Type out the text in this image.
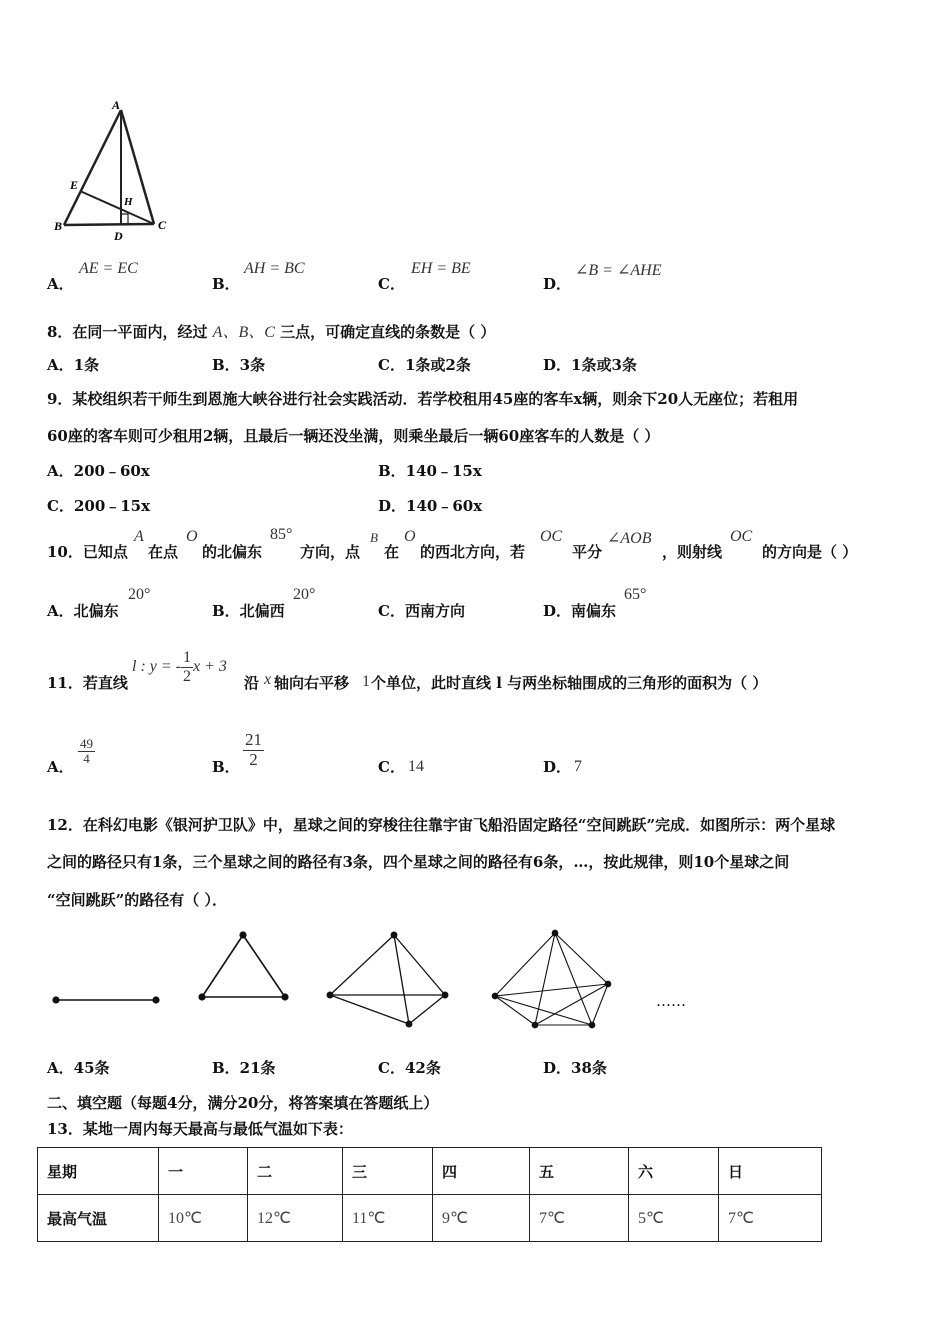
A
E
H
B
D
C
A．
AE = EC
B．
AH = BC
C．
EH = BE
D．
∠B = ∠AHE
8．在同一平面内，经过 A、B、C 三点，可确定直线的条数是（ ）
A．1条	B．3条	C．1条或2条	D．1条或3条
9．某校组织若干师生到恩施大峡谷进行社会实践活动．若学校租用45座的客车x辆，则余下20人无座位；若租用
60座的客车则可少租用2辆，且最后一辆还没坐满，则乘坐最后一辆60座客车的人数是（ ）
A．200﹣60x	B．140﹣15x
C．200﹣15x	D．140﹣60x
10．已知点
A
在点
O
的北偏东
85°
方向，点
B
在
O
的西北方向，若
OC
平分
∠AOB
，则射线
OC
的方向是（ ）
A．北偏东
20°
B．北偏西
20°
C．西南方向	D．南偏东
65°
11．若直线
l : y = - $\frac{1}{2}$ x + 3
沿 x 轴向右平移 1 个单位，此时直线 l 与两坐标轴围成的三角形的面积为（ ）
A．
$\frac{49}{4}$
B． $\frac{21}{2}$	C． 14	D． 7
12．在科幻电影《银河护卫队》中，星球之间的穿梭往往靠宇宙飞船沿固定路径“空间跳跃”完成．如图所示：两个星球
之间的路径只有1条，三个星球之间的路径有3条，四个星球之间的路径有6条，…，按此规律，则10个星球之间
“空间跳跃”的路径有（ ）．
……
A．45条	B．21条	C．42条	D．38条
二、填空题（每题4分，满分20分，将答案填在答题纸上）
13．某地一周内每天最高与最低气温如下表：
星期	一	二	三	四	五	六	日
最高气温	10℃	12℃	11℃	9℃	7℃	5℃	7℃
